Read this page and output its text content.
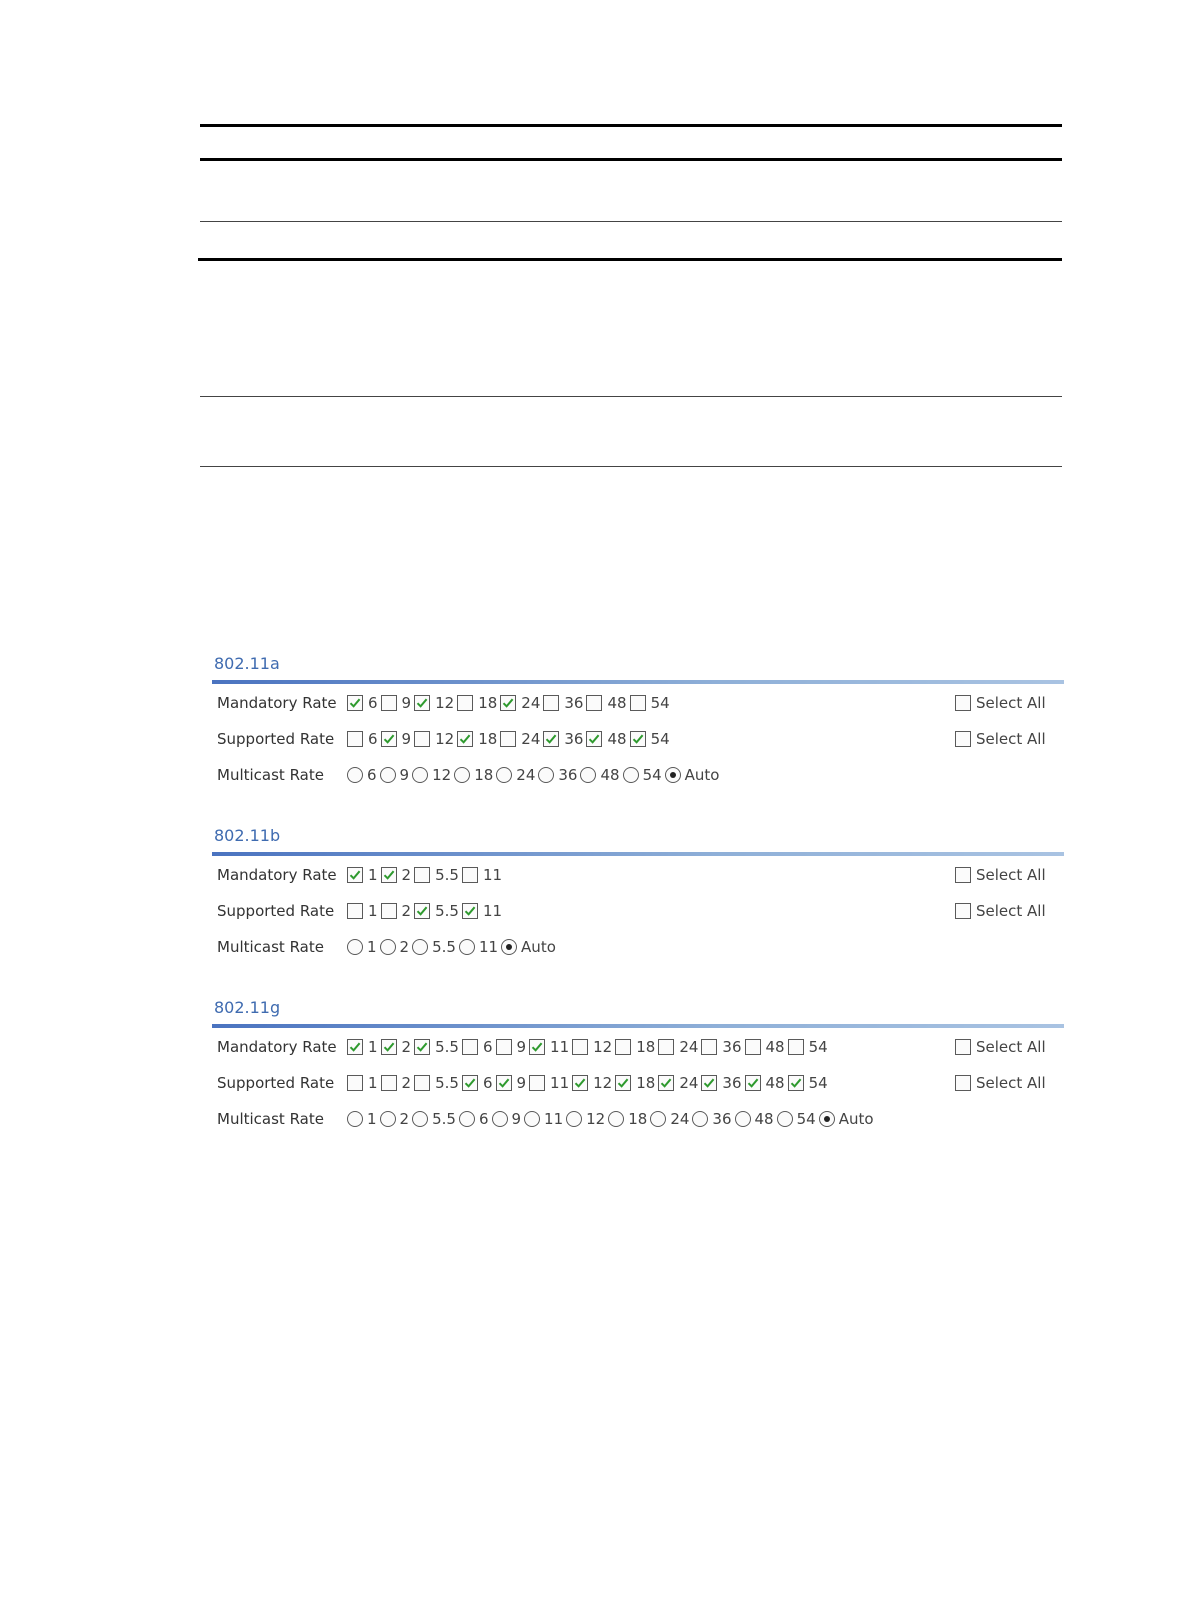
802.11a
Mandatory Rate 6 9 12 18 24 36 48 54	Select All
Supported Rate 6 9 12 18 24 36 48 54	Select All
Multicast Rate	6 9 12 18 24 36 48 54 Auto
802.11b
Mandatory Rate 1 2 5.5 11	Select All
Supported Rate 1 2 5.5 11	Select All
Multicast Rate	1 2 5.5 11 Auto
802.11g
Mandatory Rate 1 2 5.5 6 9 11 12 18 24 36 48 54	Select All
Supported Rate 1 2 5.5 6 9 11 12 18 24 36 48 54	Select All
Multicast Rate	1 2 5.5 6 9 11 12 18 24 36 48 54 Auto
